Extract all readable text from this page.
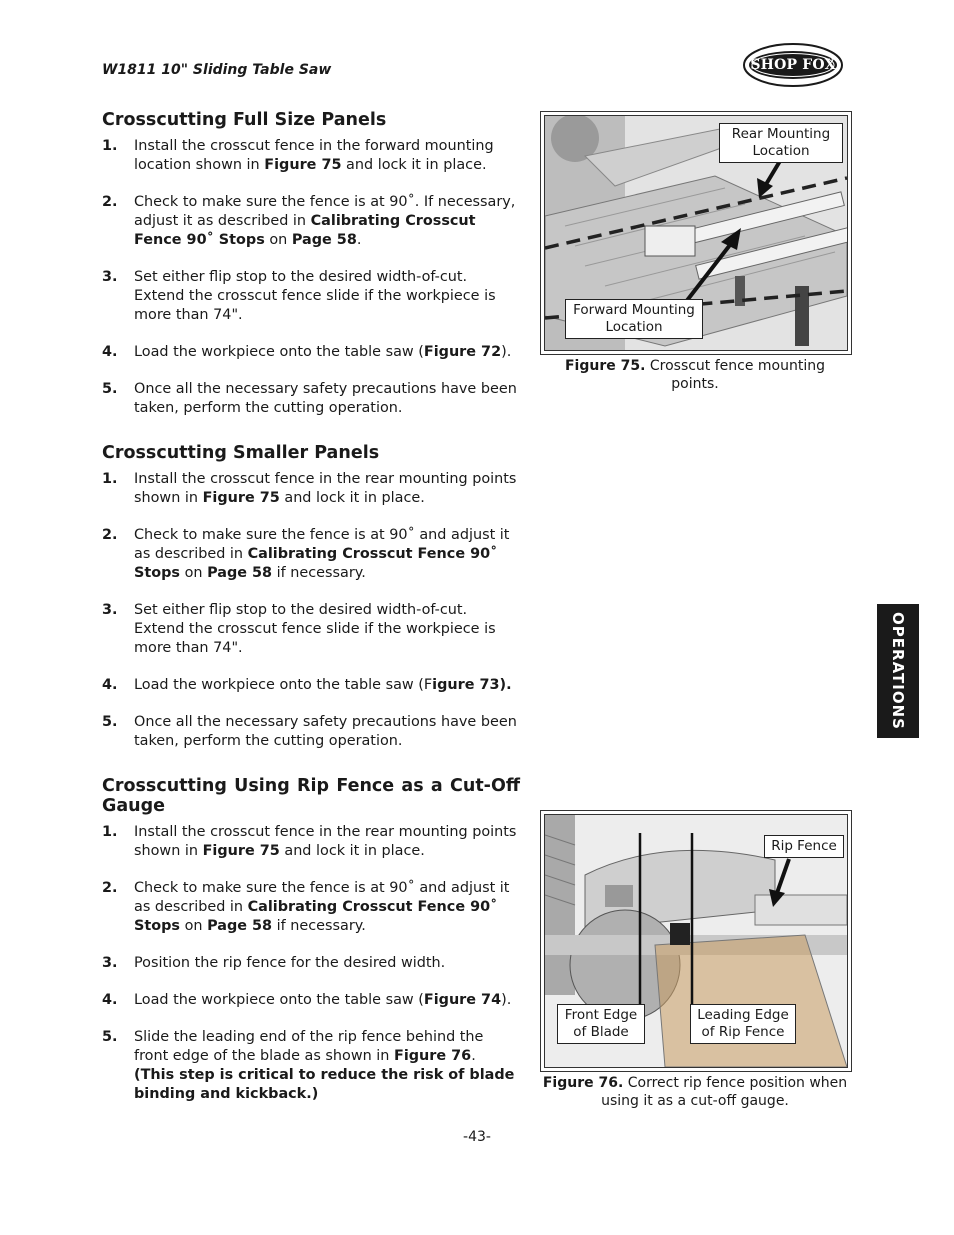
W1811 10" Sliding Table Saw	SHOP FOX
Crosscutting Full Size Panels
1. Install the crosscut fence in the forward mounting location shown in Figure 75 and lock it in place.
2. Check to make sure the fence is at 90˚. If necessary, adjust it as described in Calibrating Crosscut Fence 90˚ Stops on Page 58.
3. Set either flip stop to the desired width-of-cut. Extend the crosscut fence slide if the workpiece is more than 74".
4. Load the workpiece onto the table saw (Figure 72).
5. Once all the necessary safety precautions have been taken, perform the cutting operation.
Crosscutting Smaller Panels
1. Install the crosscut fence in the rear mounting points shown in Figure 75 and lock it in place.
2. Check to make sure the fence is at 90˚ and adjust it as described in Calibrating Crosscut Fence 90˚ Stops on Page 58 if necessary.
3. Set either flip stop to the desired width-of-cut. Extend the crosscut fence slide if the workpiece is more than 74".
4. Load the workpiece onto the table saw (Figure 73).
5. Once all the necessary safety precautions have been taken, perform the cutting operation.
Crosscutting Using Rip Fence as a Cut-Off Gauge
1. Install the crosscut fence in the rear mounting points shown in Figure 75 and lock it in place.
2. Check to make sure the fence is at 90˚ and adjust it as described in Calibrating Crosscut Fence 90˚ Stops on Page 58 if necessary.
3. Position the rip fence for the desired width.
4. Load the workpiece onto the table saw (Figure 74).
5. Slide the leading end of the rip fence behind the front edge of the blade as shown in Figure 76. (This step is critical to reduce the risk of blade binding and kickback.)
Rear Mounting Location
Forward Mounting Location
Figure 75. Crosscut fence mounting points.
Rip Fence
Front Edge of Blade
Leading Edge of Rip Fence
Figure 76. Correct rip fence position when using it as a cut-off gauge.
OPERATIONS
-43-
